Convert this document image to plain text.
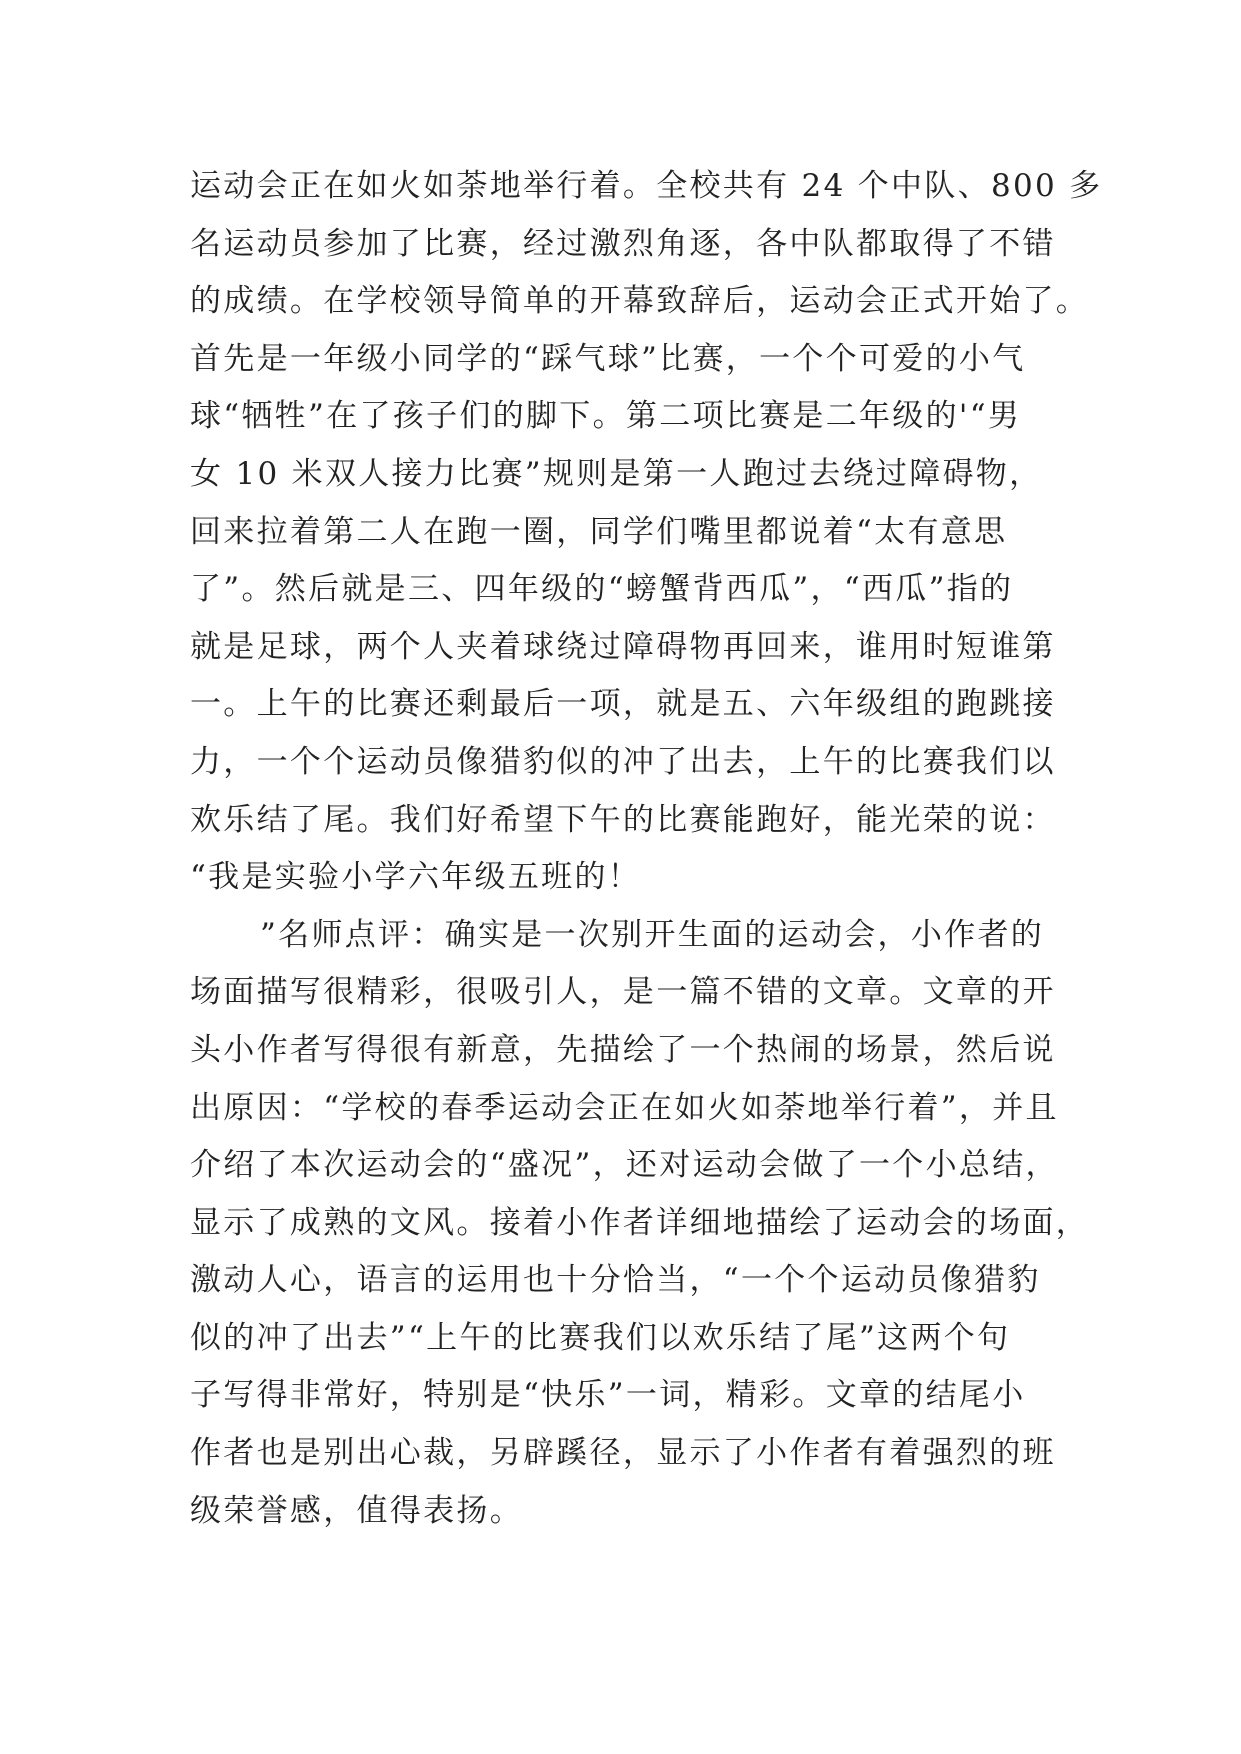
运动会正在如火如荼地举行着。全校共有 24 个中队、800 多
名运动员参加了比赛，经过激烈角逐，各中队都取得了不错
的成绩。在学校领导简单的开幕致辞后，运动会正式开始了。
首先是一年级小同学的“踩气球”比赛，一个个可爱的小气
球“牺牲”在了孩子们的脚下。第二项比赛是二年级的'“男
女 10 米双人接力比赛”规则是第一人跑过去绕过障碍物，
回来拉着第二人在跑一圈，同学们嘴里都说着“太有意思
了”。然后就是三、四年级的“螃蟹背西瓜”，“西瓜”指的
就是足球，两个人夹着球绕过障碍物再回来，谁用时短谁第
一。上午的比赛还剩最后一项，就是五、六年级组的跑跳接
力，一个个运动员像猎豹似的冲了出去，上午的比赛我们以
欢乐结了尾。我们好希望下午的比赛能跑好，能光荣的说：
“我是实验小学六年级五班的！
”名师点评：确实是一次别开生面的运动会，小作者的
场面描写很精彩，很吸引人，是一篇不错的文章。文章的开
头小作者写得很有新意，先描绘了一个热闹的场景，然后说
出原因：“学校的春季运动会正在如火如荼地举行着”，并且
介绍了本次运动会的“盛况”，还对运动会做了一个小总结，
显示了成熟的文风。接着小作者详细地描绘了运动会的场面，
激动人心，语言的运用也十分恰当，“一个个运动员像猎豹
似的冲了出去”“上午的比赛我们以欢乐结了尾”这两个句
子写得非常好，特别是“快乐”一词，精彩。文章的结尾小
作者也是别出心裁，另辟蹊径，显示了小作者有着强烈的班
级荣誉感，值得表扬。
